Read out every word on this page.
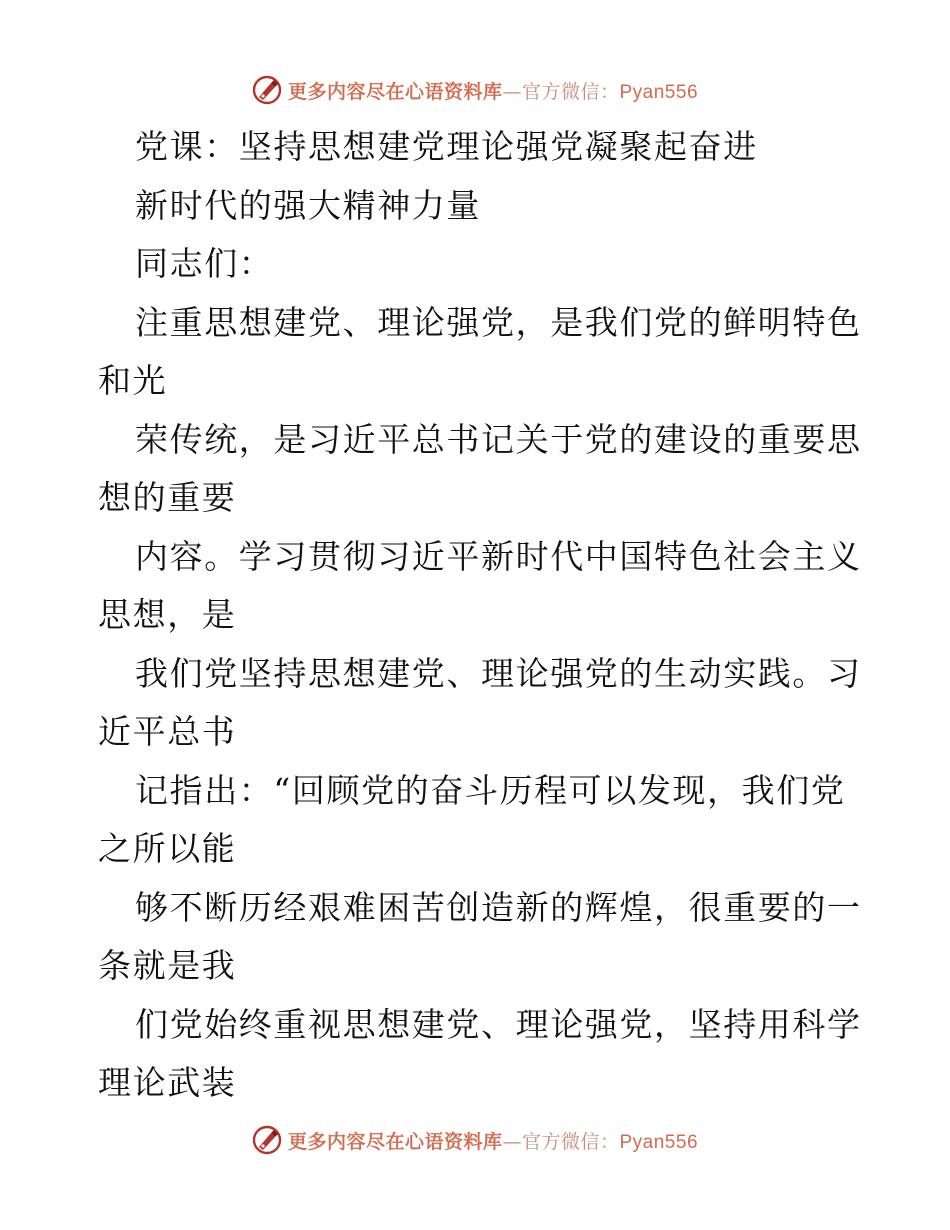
更多内容尽在心语资料库—官方微信：Pyan556
党课：坚持思想建党理论强党凝聚起奋进
新时代的强大精神力量
同志们：
注重思想建党、理论强党，是我们党的鲜明特色
和光
荣传统，是习近平总书记关于党的建设的重要思
想的重要
内容。学习贯彻习近平新时代中国特色社会主义
思想，是
我们党坚持思想建党、理论强党的生动实践。习
近平总书
记指出：“回顾党的奋斗历程可以发现，我们党
之所以能
够不断历经艰难困苦创造新的辉煌，很重要的一
条就是我
们党始终重视思想建党、理论强党，坚持用科学
理论武装
更多内容尽在心语资料库—官方微信：Pyan556
